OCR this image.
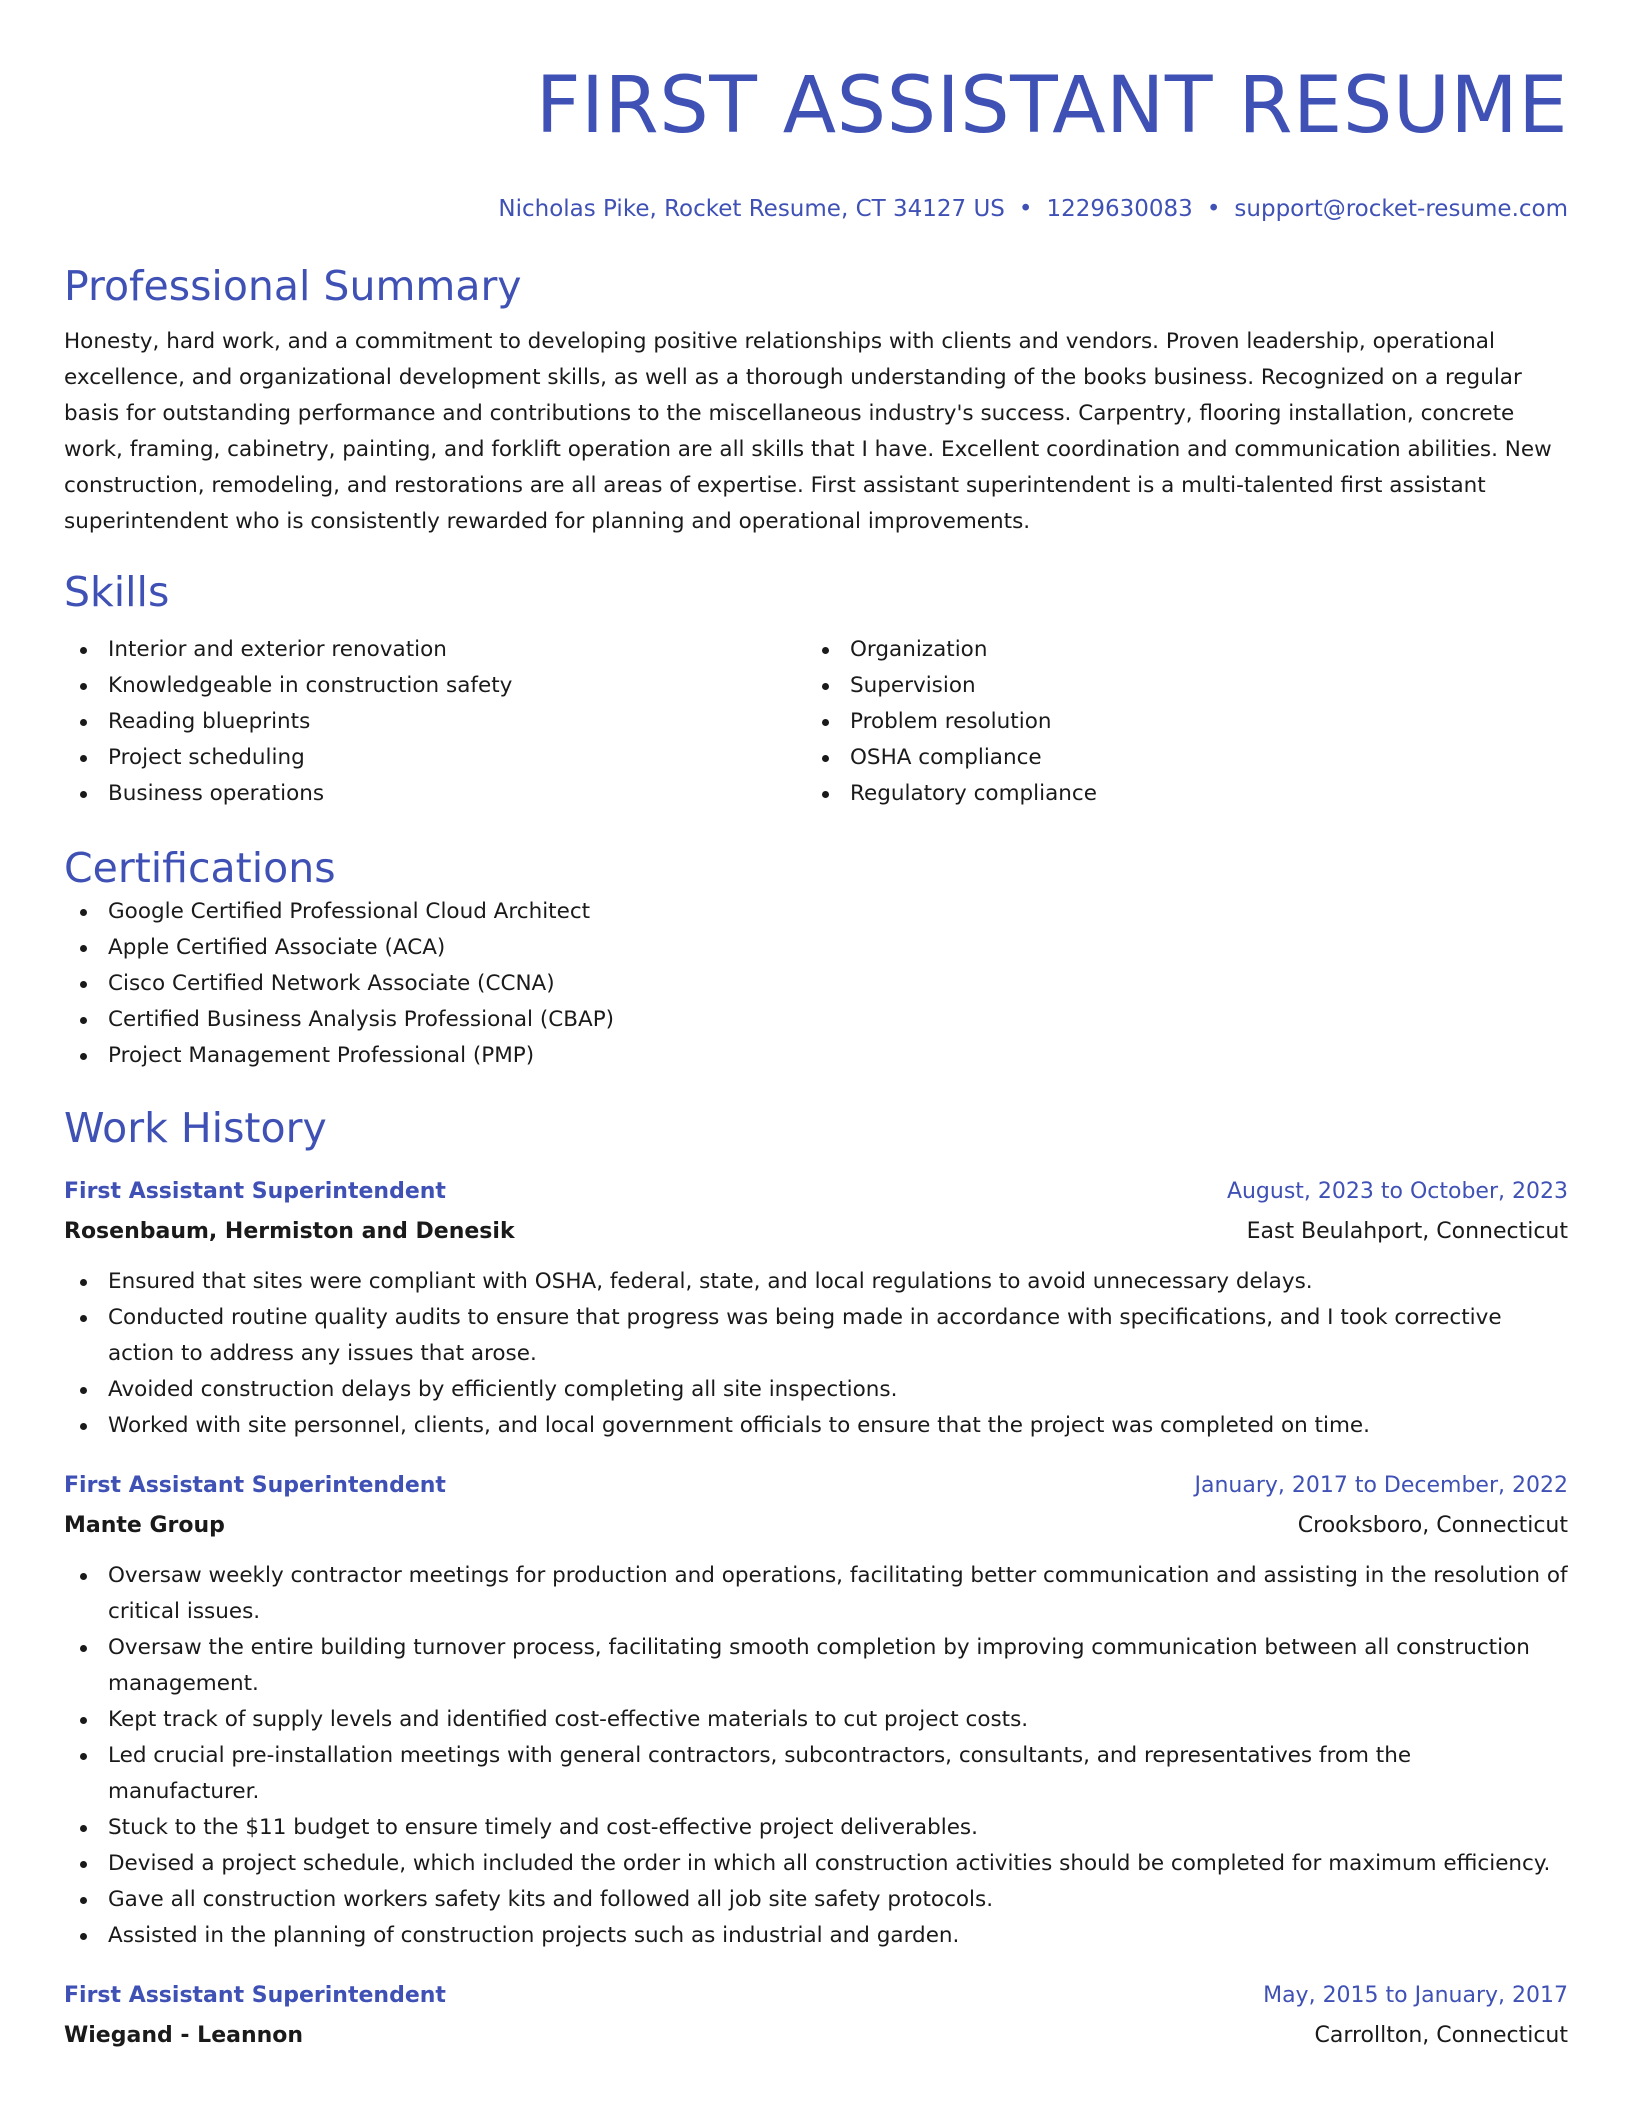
FIRST ASSISTANT RESUME
Nicholas Pike, Rocket Resume, CT 34127 US • 1229630083 • support@rocket-resume.com
Professional Summary
Honesty, hard work, and a commitment to developing positive relationships with clients and vendors. Proven leadership, operational excellence, and organizational development skills, as well as a thorough understanding of the books business. Recognized on a regular basis for outstanding performance and contributions to the miscellaneous industry's success. Carpentry, flooring installation, concrete work, framing, cabinetry, painting, and forklift operation are all skills that I have. Excellent coordination and communication abilities. New construction, remodeling, and restorations are all areas of expertise. First assistant superintendent is a multi-talented first assistant superintendent who is consistently rewarded for planning and operational improvements.
Skills
Interior and exterior renovation
Knowledgeable in construction safety
Reading blueprints
Project scheduling
Business operations
Organization
Supervision
Problem resolution
OSHA compliance
Regulatory compliance
Certifications
Google Certified Professional Cloud Architect
Apple Certified Associate (ACA)
Cisco Certified Network Associate (CCNA)
Certified Business Analysis Professional (CBAP)
Project Management Professional (PMP)
Work History
First Assistant Superintendent	August, 2023 to October, 2023
Rosenbaum, Hermiston and Denesik	East Beulahport, Connecticut
Ensured that sites were compliant with OSHA, federal, state, and local regulations to avoid unnecessary delays.
Conducted routine quality audits to ensure that progress was being made in accordance with specifications, and I took corrective action to address any issues that arose.
Avoided construction delays by efficiently completing all site inspections.
Worked with site personnel, clients, and local government officials to ensure that the project was completed on time.
First Assistant Superintendent	January, 2017 to December, 2022
Mante Group	Crooksboro, Connecticut
Oversaw weekly contractor meetings for production and operations, facilitating better communication and assisting in the resolution of critical issues.
Oversaw the entire building turnover process, facilitating smooth completion by improving communication between all construction management.
Kept track of supply levels and identified cost-effective materials to cut project costs.
Led crucial pre-installation meetings with general contractors, subcontractors, consultants, and representatives from the manufacturer.
Stuck to the $11 budget to ensure timely and cost-effective project deliverables.
Devised a project schedule, which included the order in which all construction activities should be completed for maximum efficiency.
Gave all construction workers safety kits and followed all job site safety protocols.
Assisted in the planning of construction projects such as industrial and garden.
First Assistant Superintendent	May, 2015 to January, 2017
Wiegand - Leannon	Carrollton, Connecticut
